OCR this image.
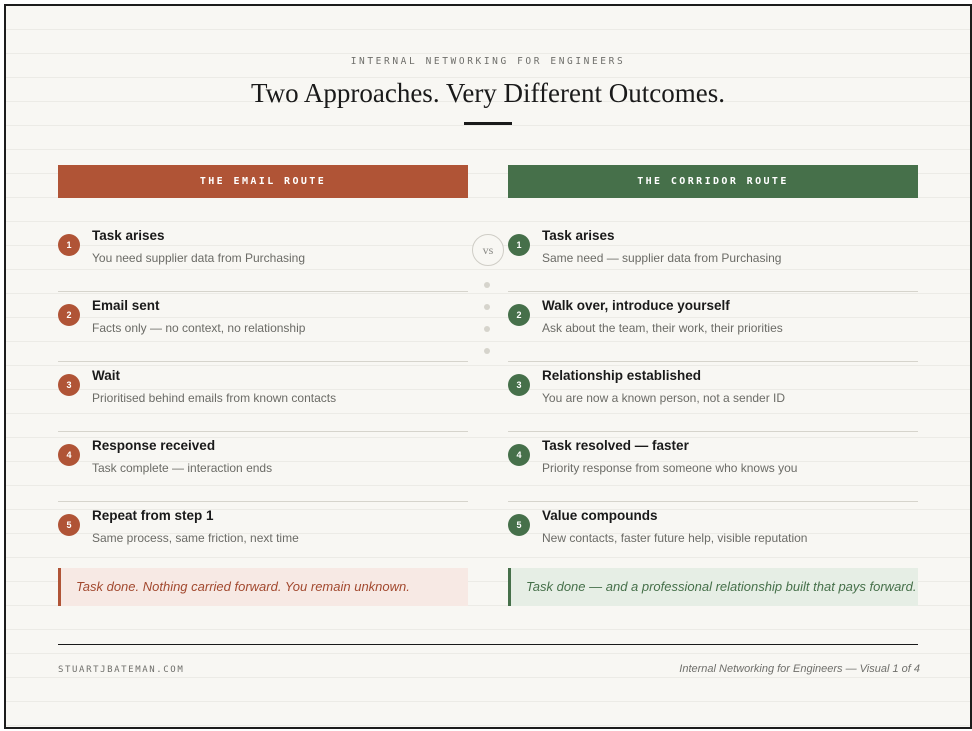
INTERNAL NETWORKING FOR ENGINEERS
Two Approaches. Very Different Outcomes.
THE EMAIL ROUTE
1
Task arises
You need supplier data from Purchasing
2
Email sent
Facts only — no context, no relationship
3
Wait
Prioritised behind emails from known contacts
4
Response received
Task complete — interaction ends
5
Repeat from step 1
Same process, same friction, next time
Task done. Nothing carried forward. You remain unknown.
vs
THE CORRIDOR ROUTE
1
Task arises
Same need — supplier data from Purchasing
2
Walk over, introduce yourself
Ask about the team, their work, their priorities
3
Relationship established
You are now a known person, not a sender ID
4
Task resolved — faster
Priority response from someone who knows you
5
Value compounds
New contacts, faster future help, visible reputation
Task done — and a professional relationship built that pays forward.
STUARTJBATEMAN.COM	Internal Networking for Engineers — Visual 1 of 4
